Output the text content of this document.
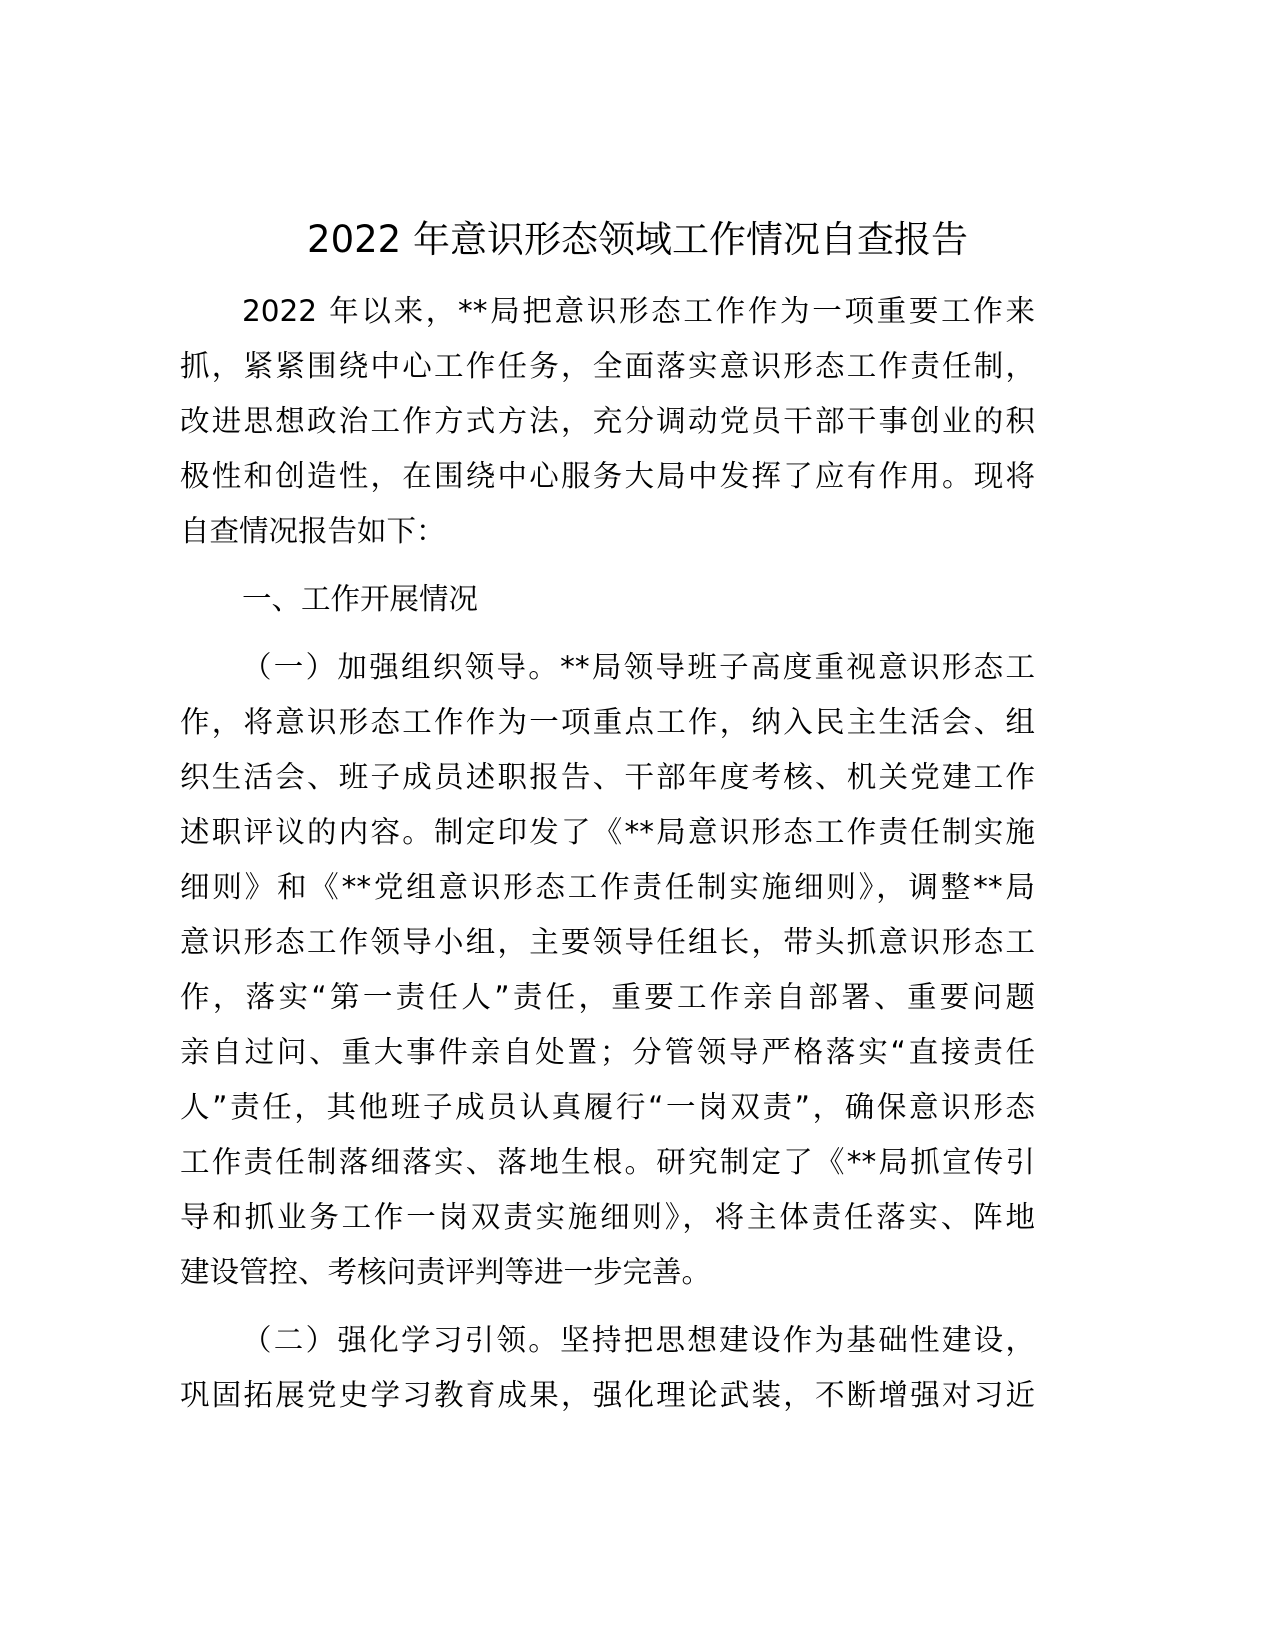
2022 年意识形态领域工作情况自查报告
2022 年以来，**局把意识形态工作作为一项重要工作来
抓，紧紧围绕中心工作任务，全面落实意识形态工作责任制，
改进思想政治工作方式方法，充分调动党员干部干事创业的积
极性和创造性，在围绕中心服务大局中发挥了应有作用。现将
自查情况报告如下：
一、工作开展情况
（一）加强组织领导。**局领导班子高度重视意识形态工
作，将意识形态工作作为一项重点工作，纳入民主生活会、组
织生活会、班子成员述职报告、干部年度考核、机关党建工作
述职评议的内容。制定印发了《**局意识形态工作责任制实施
细则》和《**党组意识形态工作责任制实施细则》，调整**局
意识形态工作领导小组，主要领导任组长，带头抓意识形态工
作，落实“第一责任人”责任，重要工作亲自部署、重要问题
亲自过问、重大事件亲自处置；分管领导严格落实“直接责任
人”责任，其他班子成员认真履行“一岗双责”，确保意识形态
工作责任制落细落实、落地生根。研究制定了《**局抓宣传引
导和抓业务工作一岗双责实施细则》，将主体责任落实、阵地
建设管控、考核问责评判等进一步完善。
（二）强化学习引领。坚持把思想建设作为基础性建设，
巩固拓展党史学习教育成果，强化理论武装，不断增强对习近
